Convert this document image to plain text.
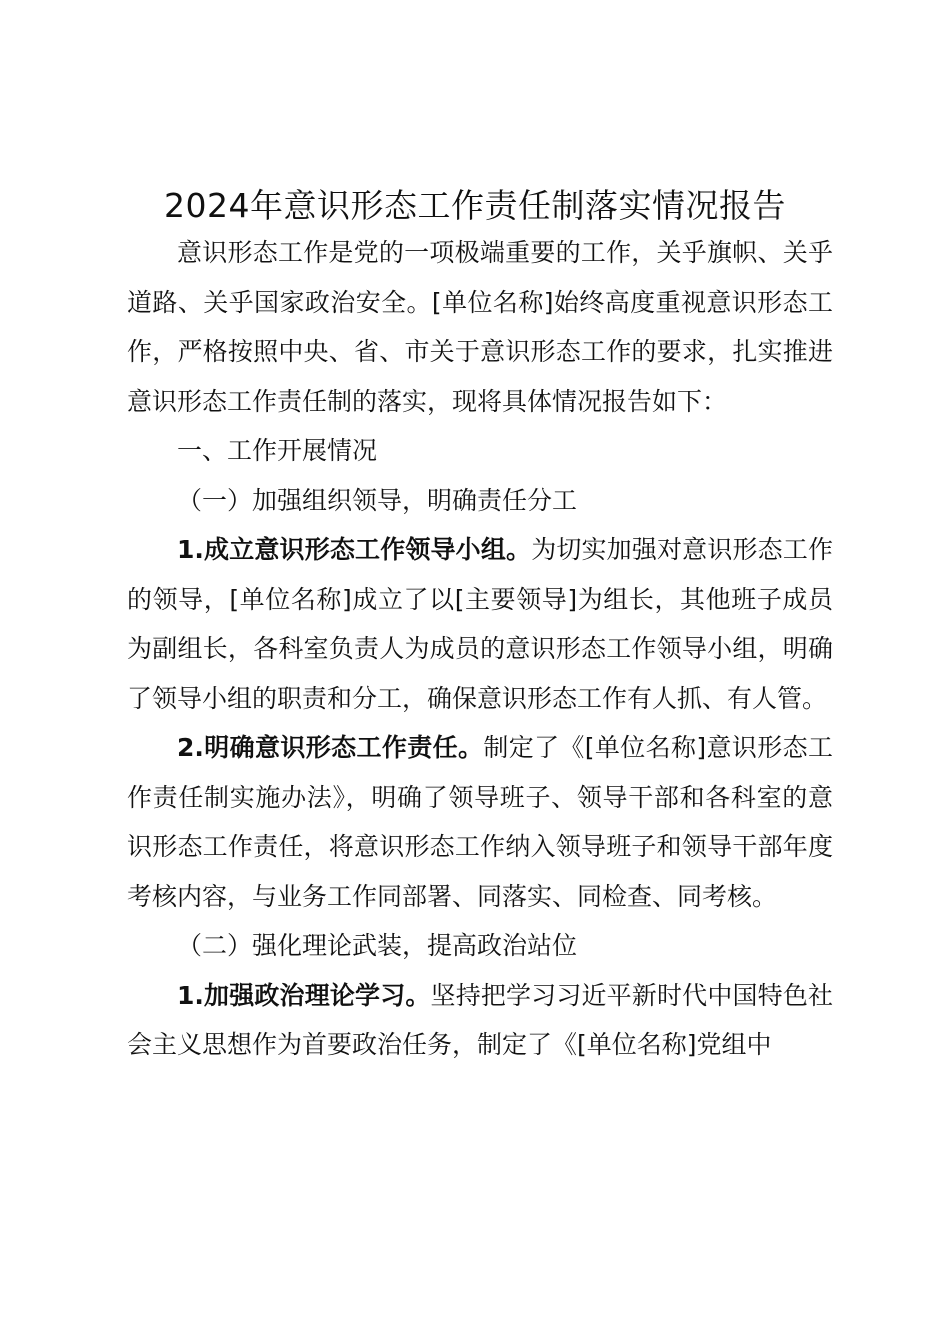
2024年意识形态工作责任制落实情况报告

意识形态工作是党的一项极端重要的工作，关乎旗帜、关乎道路、关乎国家政治安全。[单位名称]始终高度重视意识形态工作，严格按照中央、省、市关于意识形态工作的要求，扎实推进意识形态工作责任制的落实，现将具体情况报告如下：

一、工作开展情况

（一）加强组织领导，明确责任分工

1.成立意识形态工作领导小组。为切实加强对意识形态工作的领导，[单位名称]成立了以[主要领导]为组长，其他班子成员为副组长，各科室负责人为成员的意识形态工作领导小组，明确了领导小组的职责和分工，确保意识形态工作有人抓、有人管。

2.明确意识形态工作责任。制定了《[单位名称]意识形态工作责任制实施办法》，明确了领导班子、领导干部和各科室的意识形态工作责任，将意识形态工作纳入领导班子和领导干部年度考核内容，与业务工作同部署、同落实、同检查、同考核。

（二）强化理论武装，提高政治站位

1.加强政治理论学习。坚持把学习习近平新时代中国特色社会主义思想作为首要政治任务，制定了《[单位名称]党组中
